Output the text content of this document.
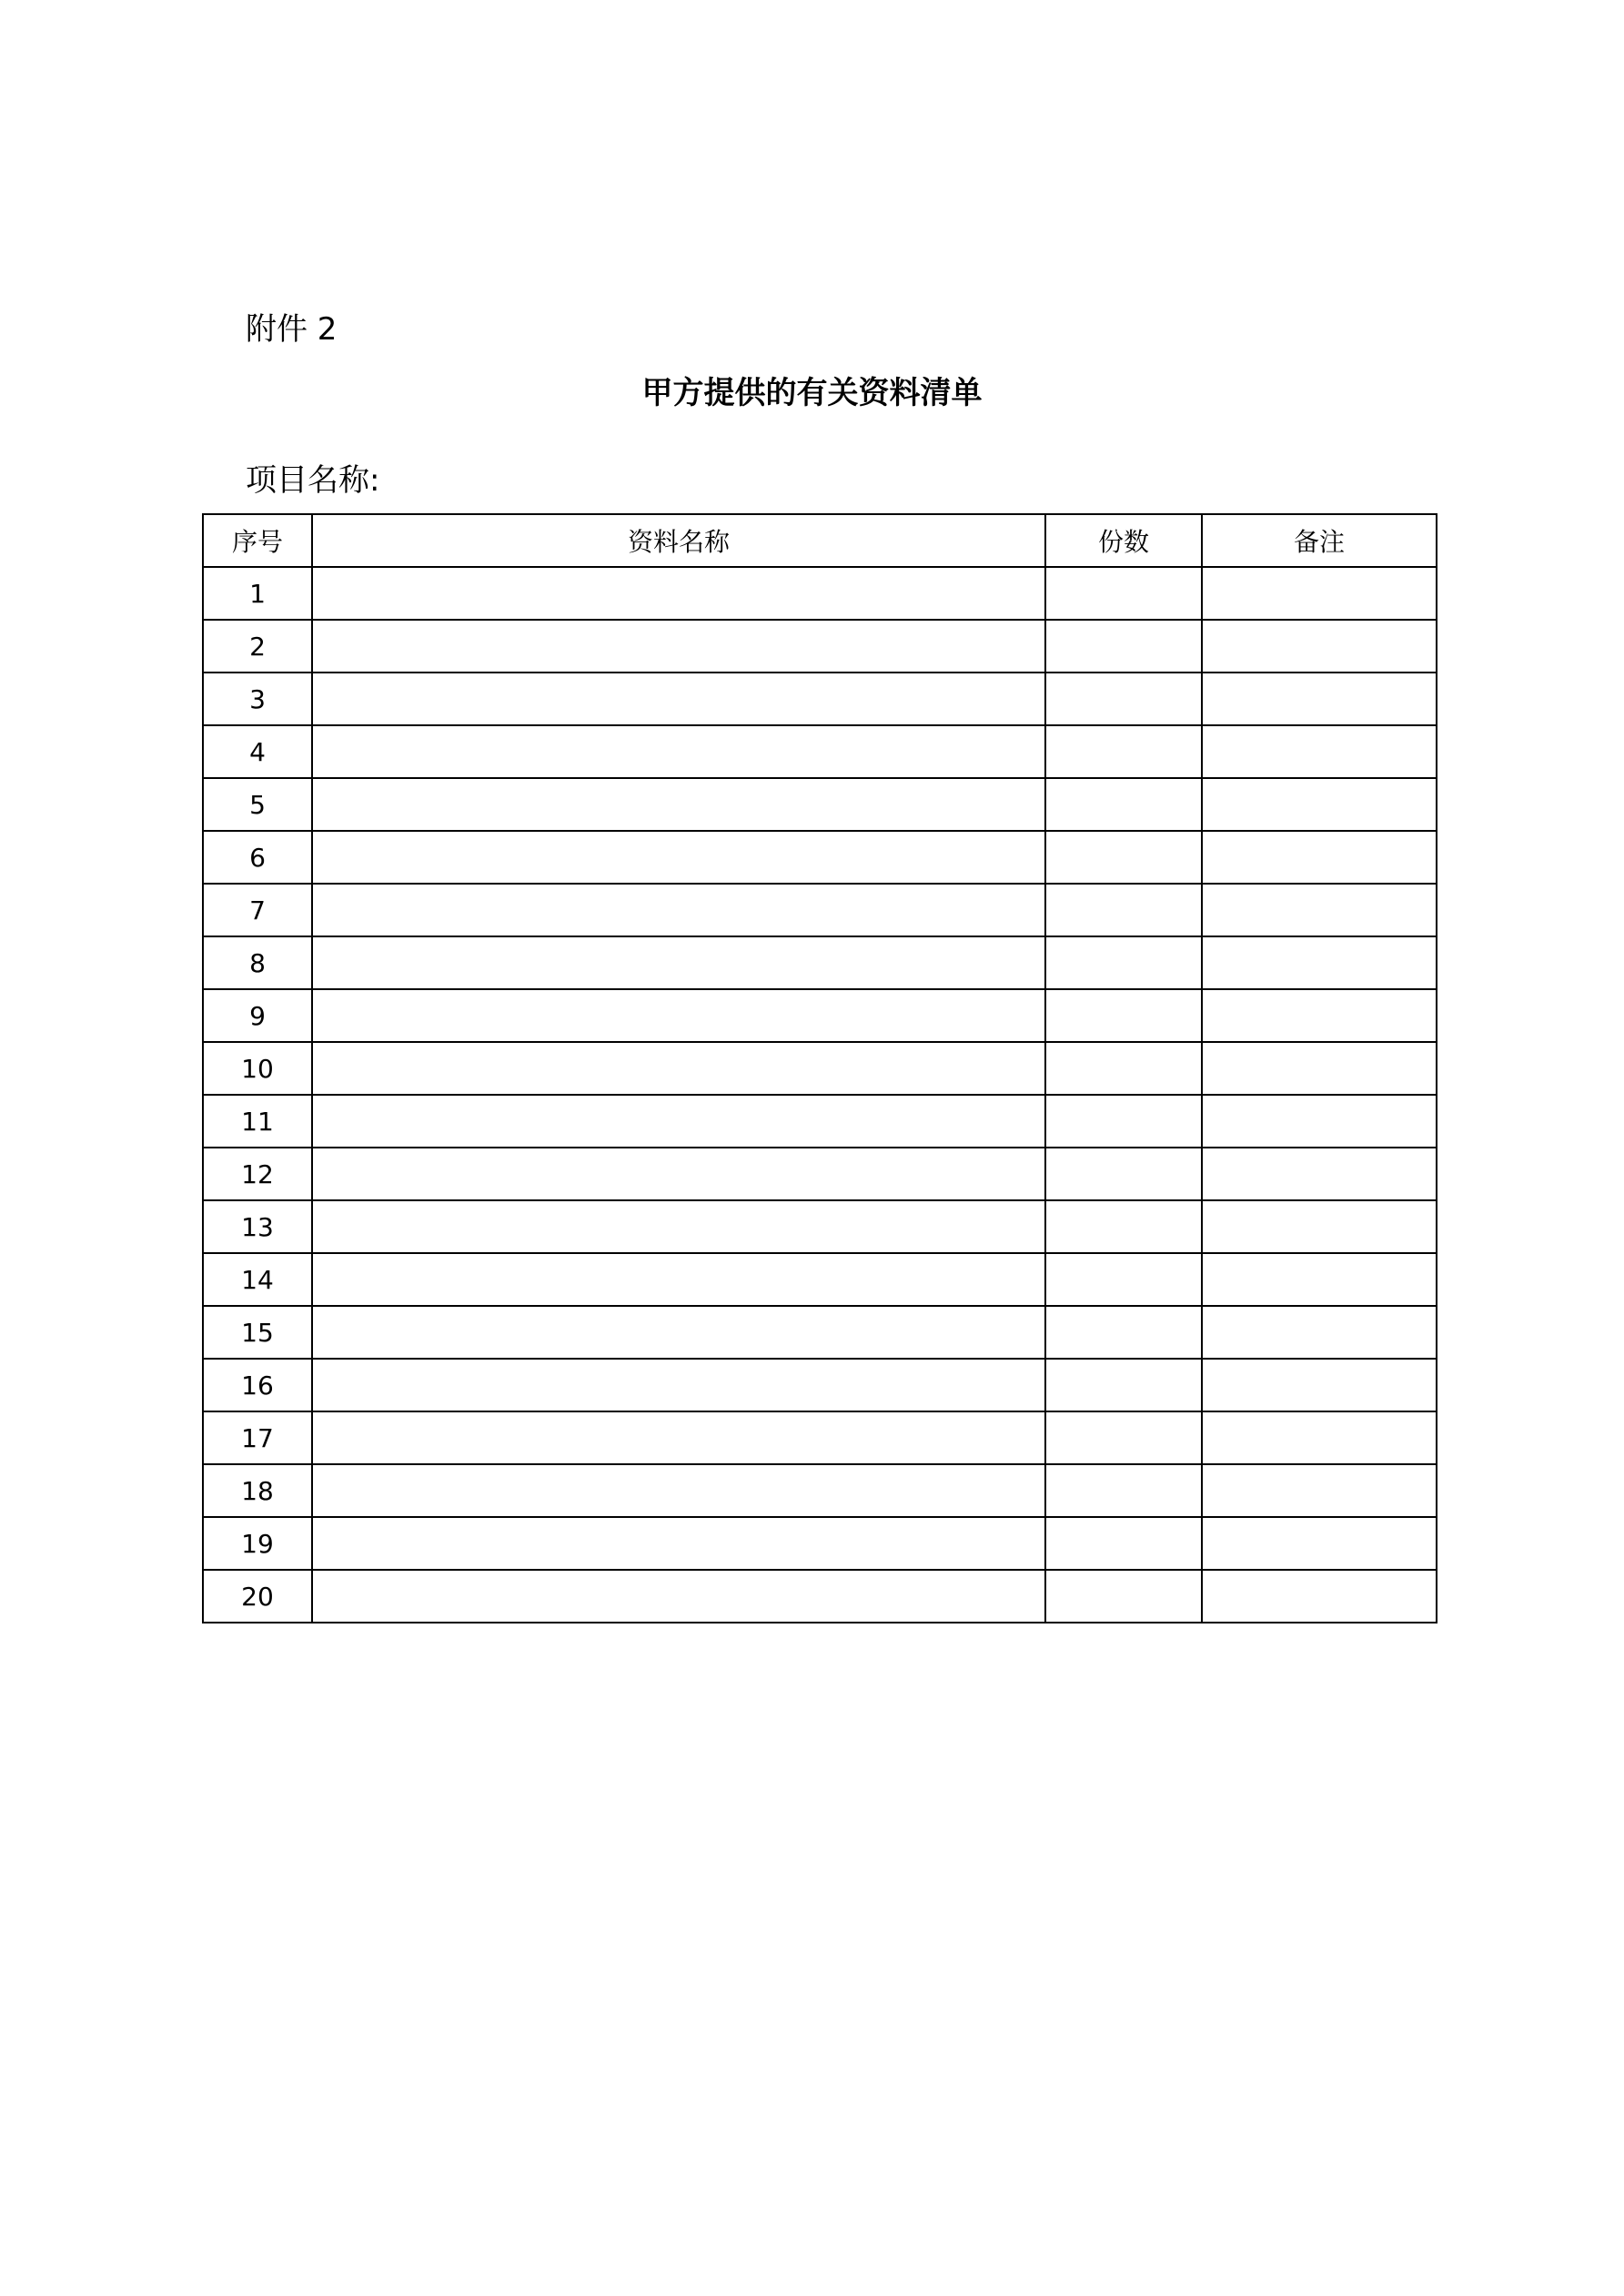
附件 2
甲方提供的有关资料清单
项目名称:
序号	资料名称	份数	备注
1			
2			
3			
4			
5			
6			
7			
8			
9			
10			
11			
12			
13			
14			
15			
16			
17			
18			
19			
20			
